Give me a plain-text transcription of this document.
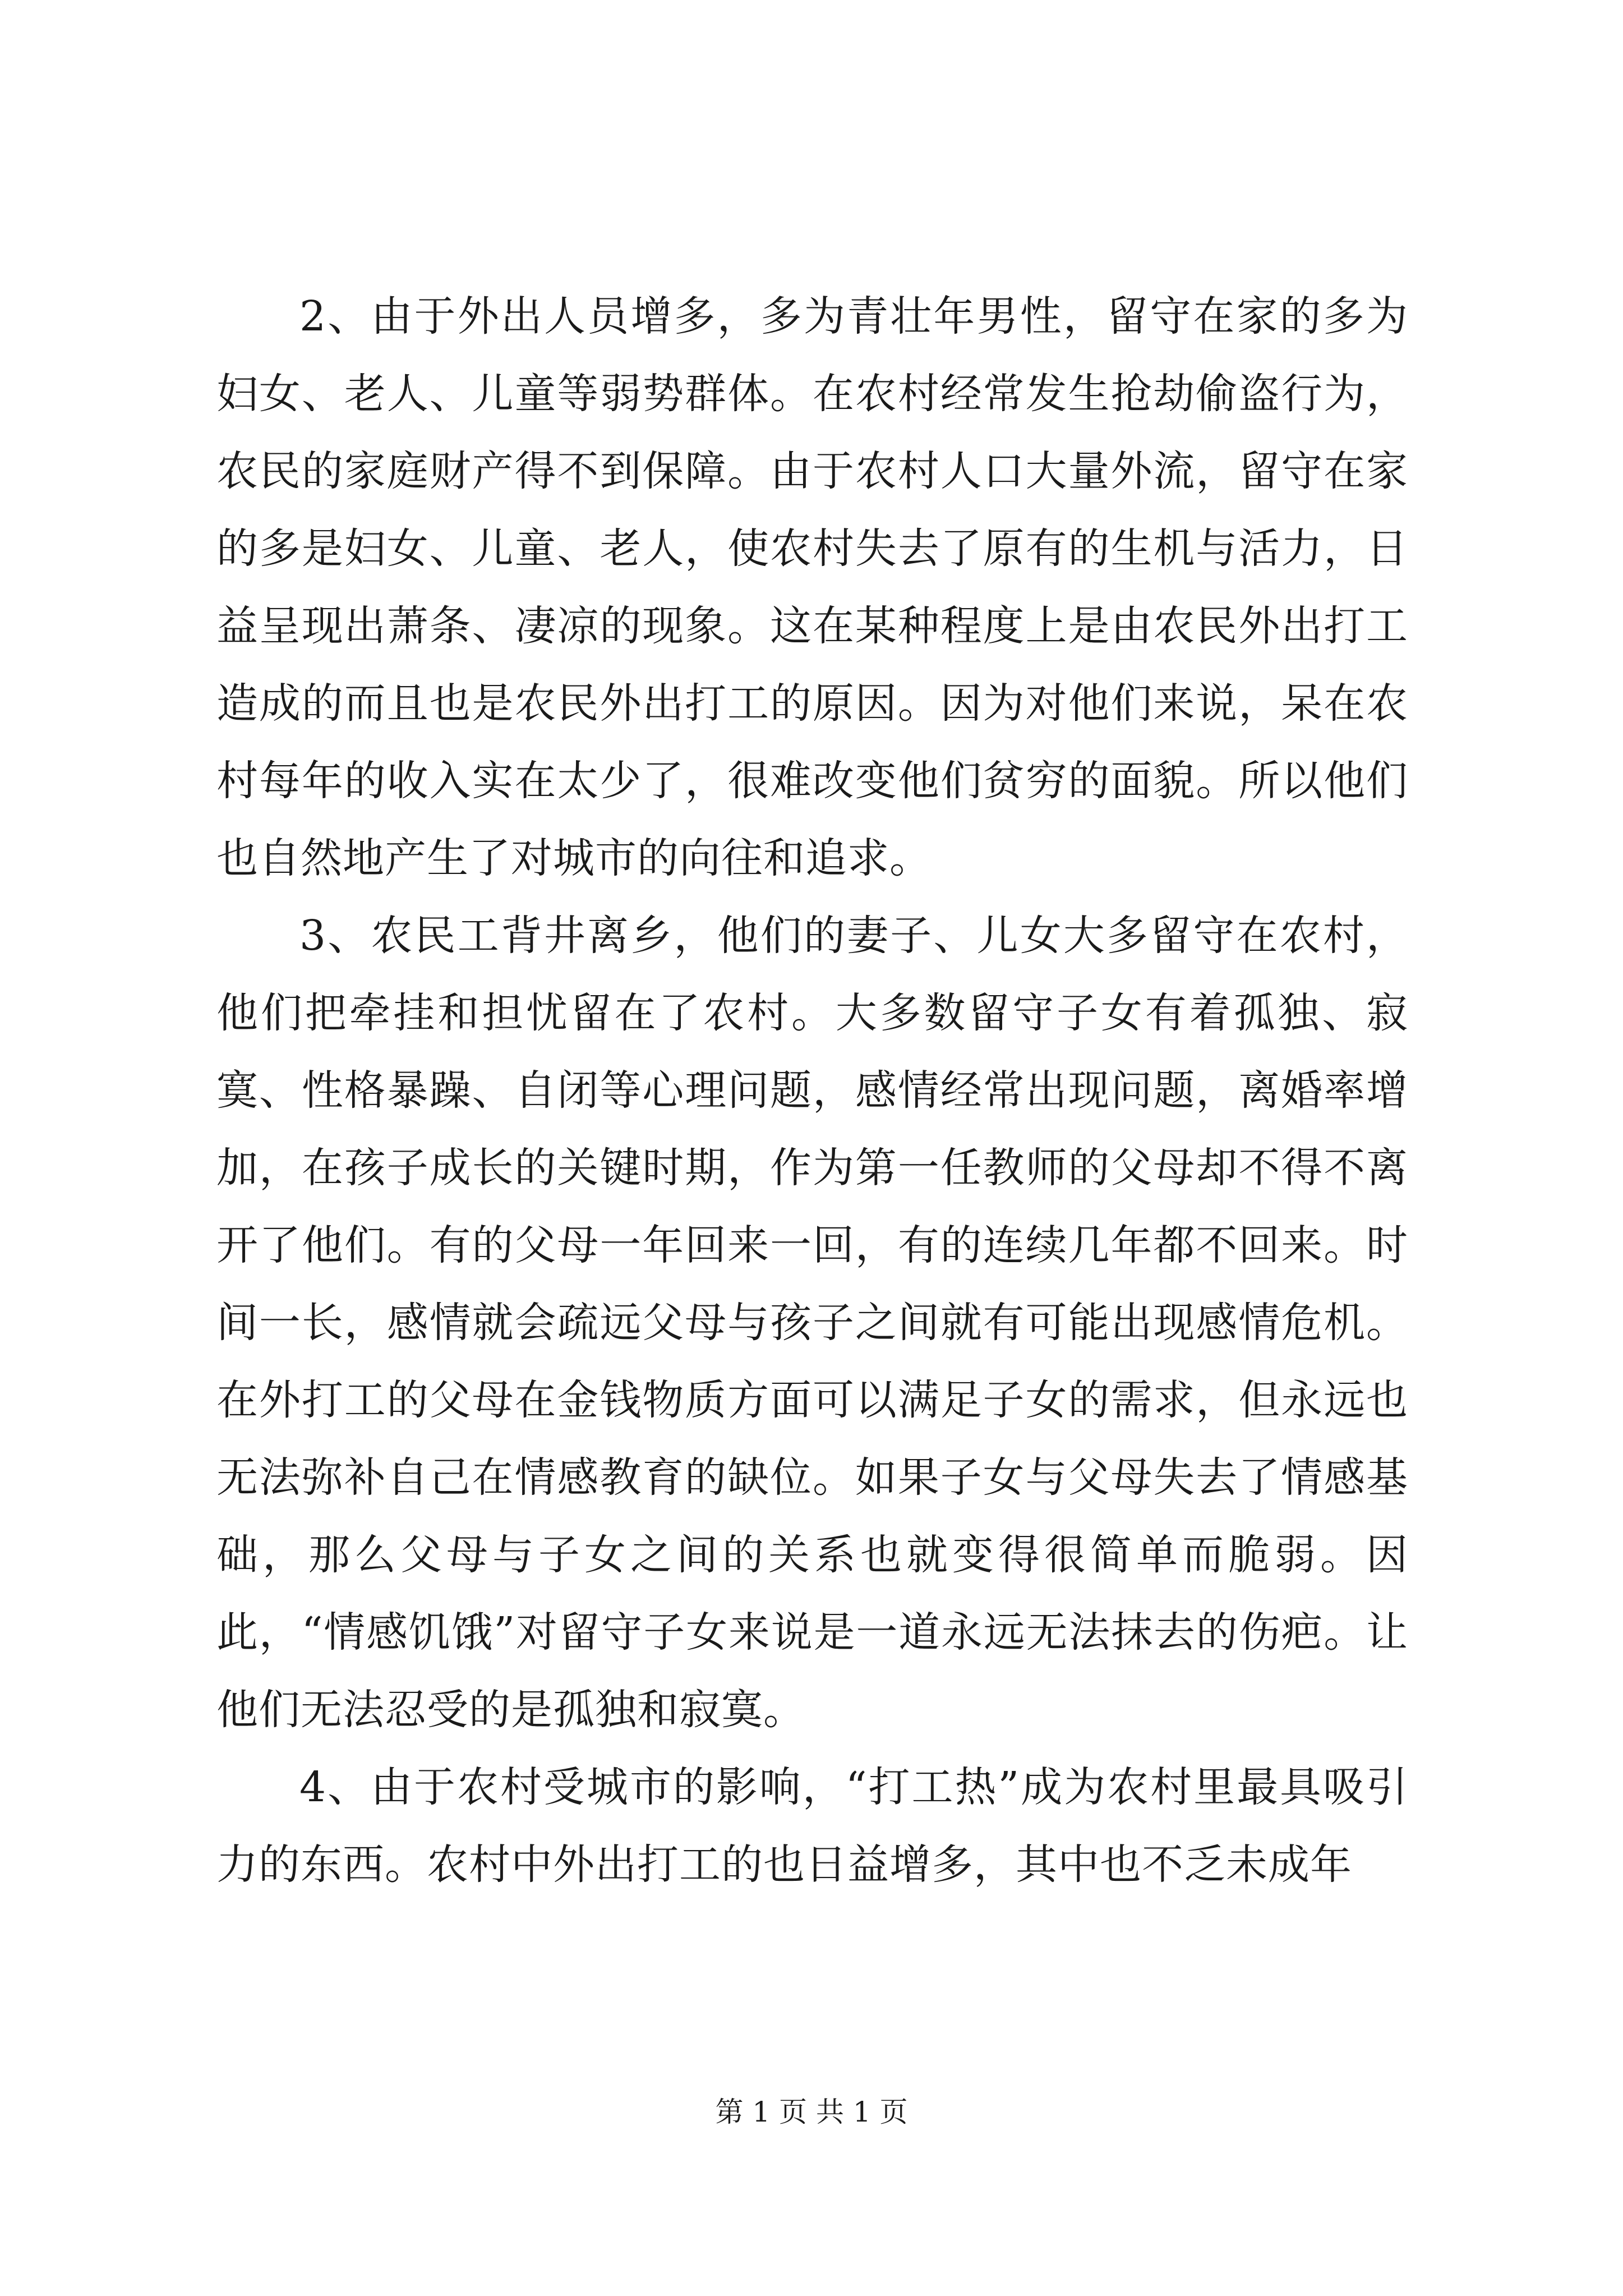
2、由于外出人员增多，多为青壮年男性，留守在家的多为妇女、老人、儿童等弱势群体。在农村经常发生抢劫偷盗行为，农民的家庭财产得不到保障。由于农村人口大量外流，留守在家的多是妇女、儿童、老人，使农村失去了原有的生机与活力，日益呈现出萧条、凄凉的现象。这在某种程度上是由农民外出打工造成的而且也是农民外出打工的原因。因为对他们来说，呆在农村每年的收入实在太少了，很难改变他们贫穷的面貌。所以他们也自然地产生了对城市的向往和追求。

3、农民工背井离乡，他们的妻子、儿女大多留守在农村，他们把牵挂和担忧留在了农村。大多数留守子女有着孤独、寂寞、性格暴躁、自闭等心理问题，感情经常出现问题，离婚率增加，在孩子成长的关键时期，作为第一任教师的父母却不得不离开了他们。有的父母一年回来一回，有的连续几年都不回来。时间一长，感情就会疏远父母与孩子之间就有可能出现感情危机。在外打工的父母在金钱物质方面可以满足子女的需求，但永远也无法弥补自己在情感教育的缺位。如果子女与父母失去了情感基础，那么父母与子女之间的关系也就变得很简单而脆弱。因此，“情感饥饿”对留守子女来说是一道永远无法抹去的伤疤。让他们无法忍受的是孤独和寂寞。

4、由于农村受城市的影响，“打工热”成为农村里最具吸引力的东西。农村中外出打工的也日益增多，其中也不乏未成年

第 1 页 共 1 页
